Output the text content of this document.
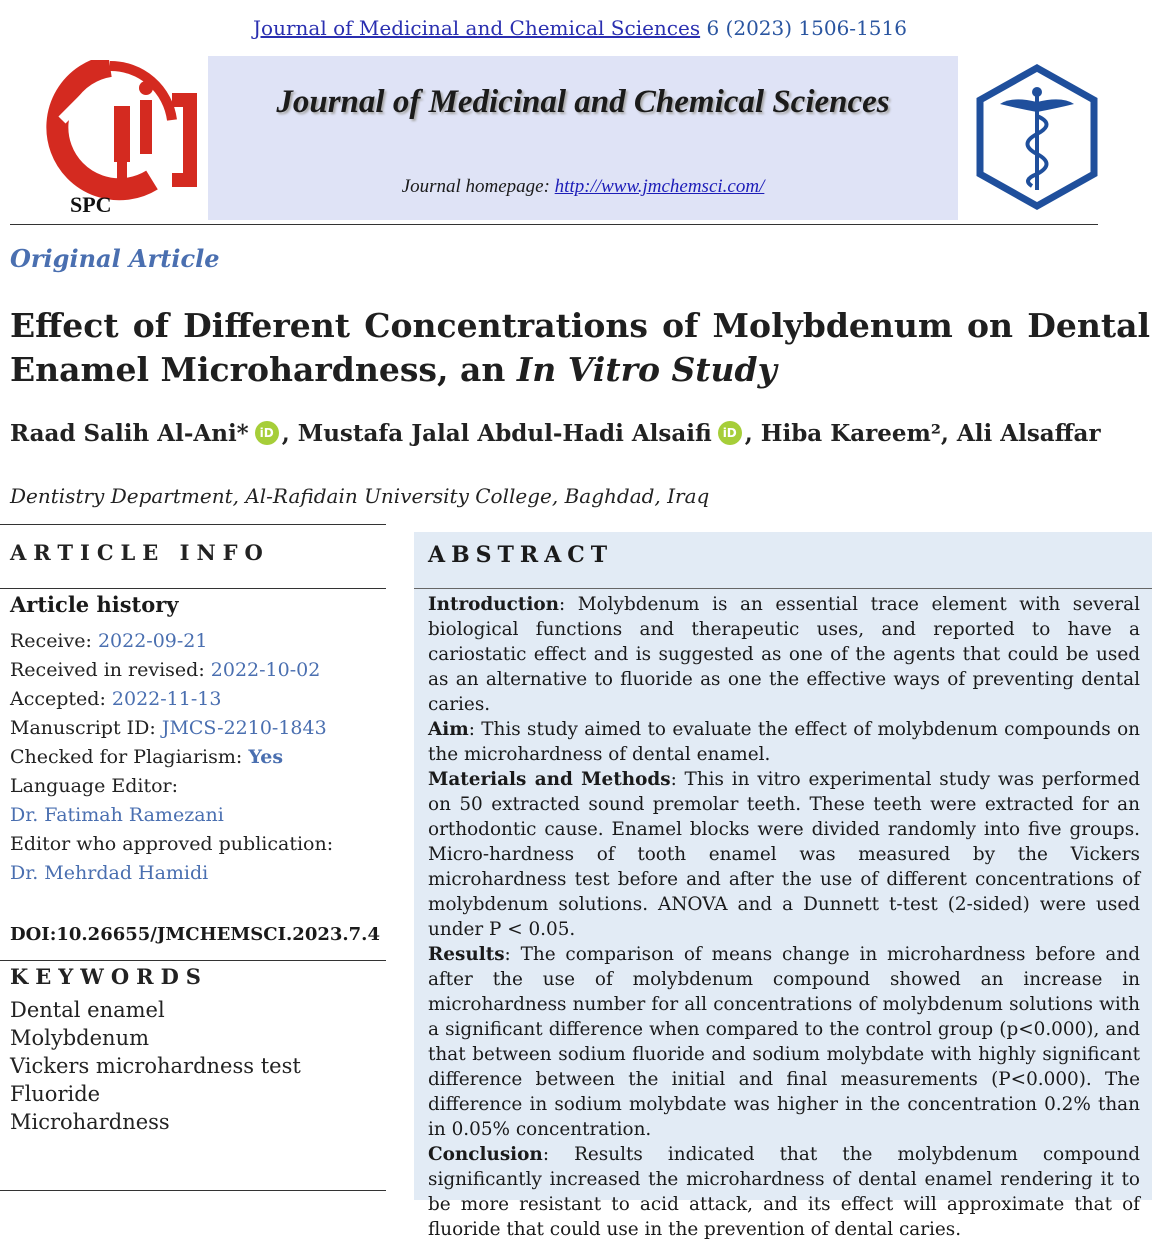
Journal of Medicinal and Chemical Sciences 6 (2023) 1506-1516
SPC
Journal of Medicinal and Chemical Sciences
Journal homepage: http://www.jmchemsci.com/
Original Article
Effect of Different Concentrations of Molybdenum on Dental
Enamel Microhardness, an In Vitro Study
Raad Salih Al-Ani* iD , Mustafa Jalal Abdul-Hadi Alsaifi iD , Hiba Kareem², Ali Alsaffar
Dentistry Department, Al-Rafidain University College, Baghdad, Iraq
ARTICLE INFO
Article history
Receive: 2022-09-21
Received in revised: 2022-10-02
Accepted: 2022-11-13
Manuscript ID: JMCS-2210-1843
Checked for Plagiarism: Yes
Language Editor:
Dr. Fatimah Ramezani
Editor who approved publication:
Dr. Mehrdad Hamidi
DOI:10.26655/JMCHEMSCI.2023.7.4
KEYWORDS
Dental enamel
Molybdenum
Vickers microhardness test
Fluoride
Microhardness
ABSTRACT

Introduction: Molybdenum is an essential trace element with several biological functions and therapeutic uses, and reported to have a cariostatic effect and is suggested as one of the agents that could be used as an alternative to fluoride as one the effective ways of preventing dental caries.

Aim: This study aimed to evaluate the effect of molybdenum compounds on the microhardness of dental enamel.

Materials and Methods: This in vitro experimental study was performed on 50 extracted sound premolar teeth. These teeth were extracted for an orthodontic cause. Enamel blocks were divided randomly into five groups. Micro-hardness of tooth enamel was measured by the Vickers microhardness test before and after the use of different concentrations of molybdenum solutions. ANOVA and a Dunnett t-test (2-sided) were used under P < 0.05.

Results: The comparison of means change in microhardness before and after the use of molybdenum compound showed an increase in microhardness number for all concentrations of molybdenum solutions with a significant difference when compared to the control group (p<0.000), and that between sodium fluoride and sodium molybdate with highly significant difference between the initial and final measurements (P<0.000). The difference in sodium molybdate was higher in the concentration 0.2% than in 0.05% concentration.

Conclusion: Results indicated that the molybdenum compound significantly increased the microhardness of dental enamel rendering it to be more resistant to acid attack, and its effect will approximate that of fluoride that could use in the prevention of dental caries.
